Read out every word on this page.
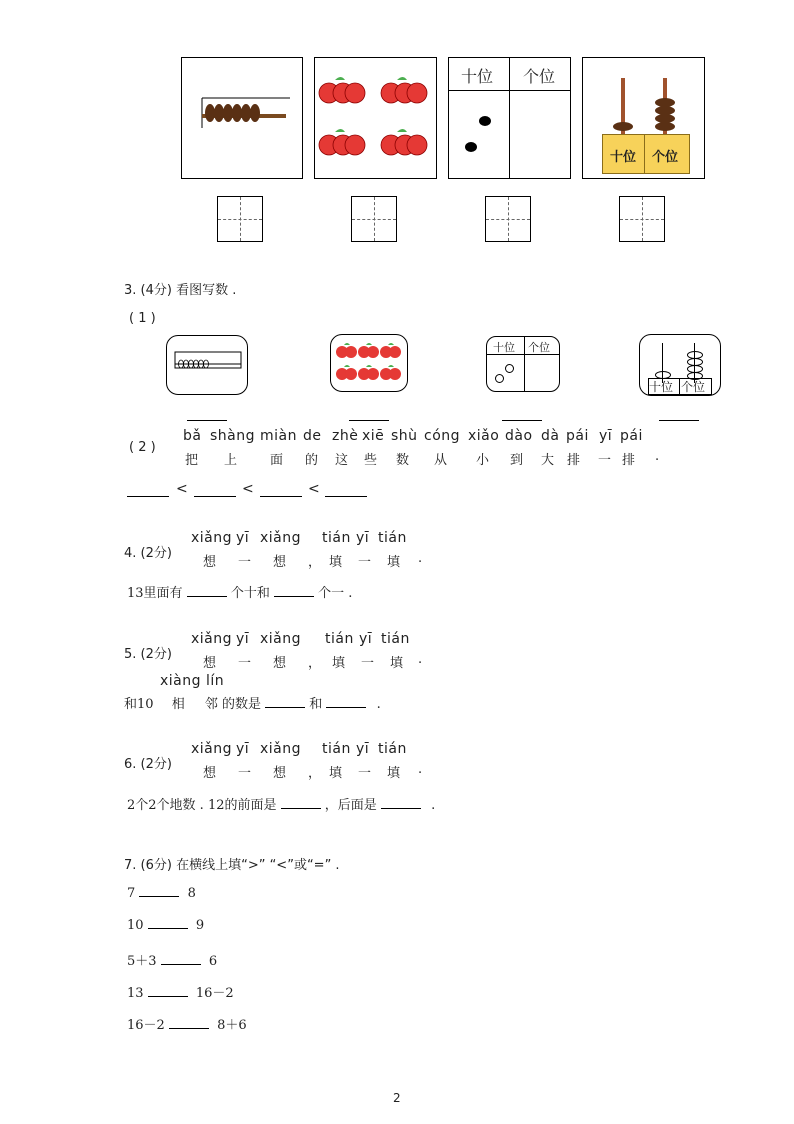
十位 个位
十位 个位
3. (4分) 看图写数 .
( 1 )
十位 个位
十位 个位
( 2 )
bǎ shàng miàn de zhè xiē shù cóng xiǎo dào dà pái yī pái
把 上	面 的 这 些 数 从 小 到 大 排 一 排 .
<	<	<
4. (2分)
xiǎng yī xiǎng tián yī tián
想 一 想 ， 填 一 填 .
13里面有	个十和	个一 .
5. (2分)
xiǎng yī xiǎng tián yī tián
想 一 想 ， 填 一 填 .
xiàng lín
和10 相 邻 的数是	和	.
6. (2分)
xiǎng yī xiǎng tián yī tián
想 一 想 ， 填 一 填 .
2个2个地数 . 12的前面是	，后面是	.
7. (6分) 在横线上填“>” “<”或“=” .
7	8
10	9
5＋3	6
13	16－2
16－2	8＋6
2
